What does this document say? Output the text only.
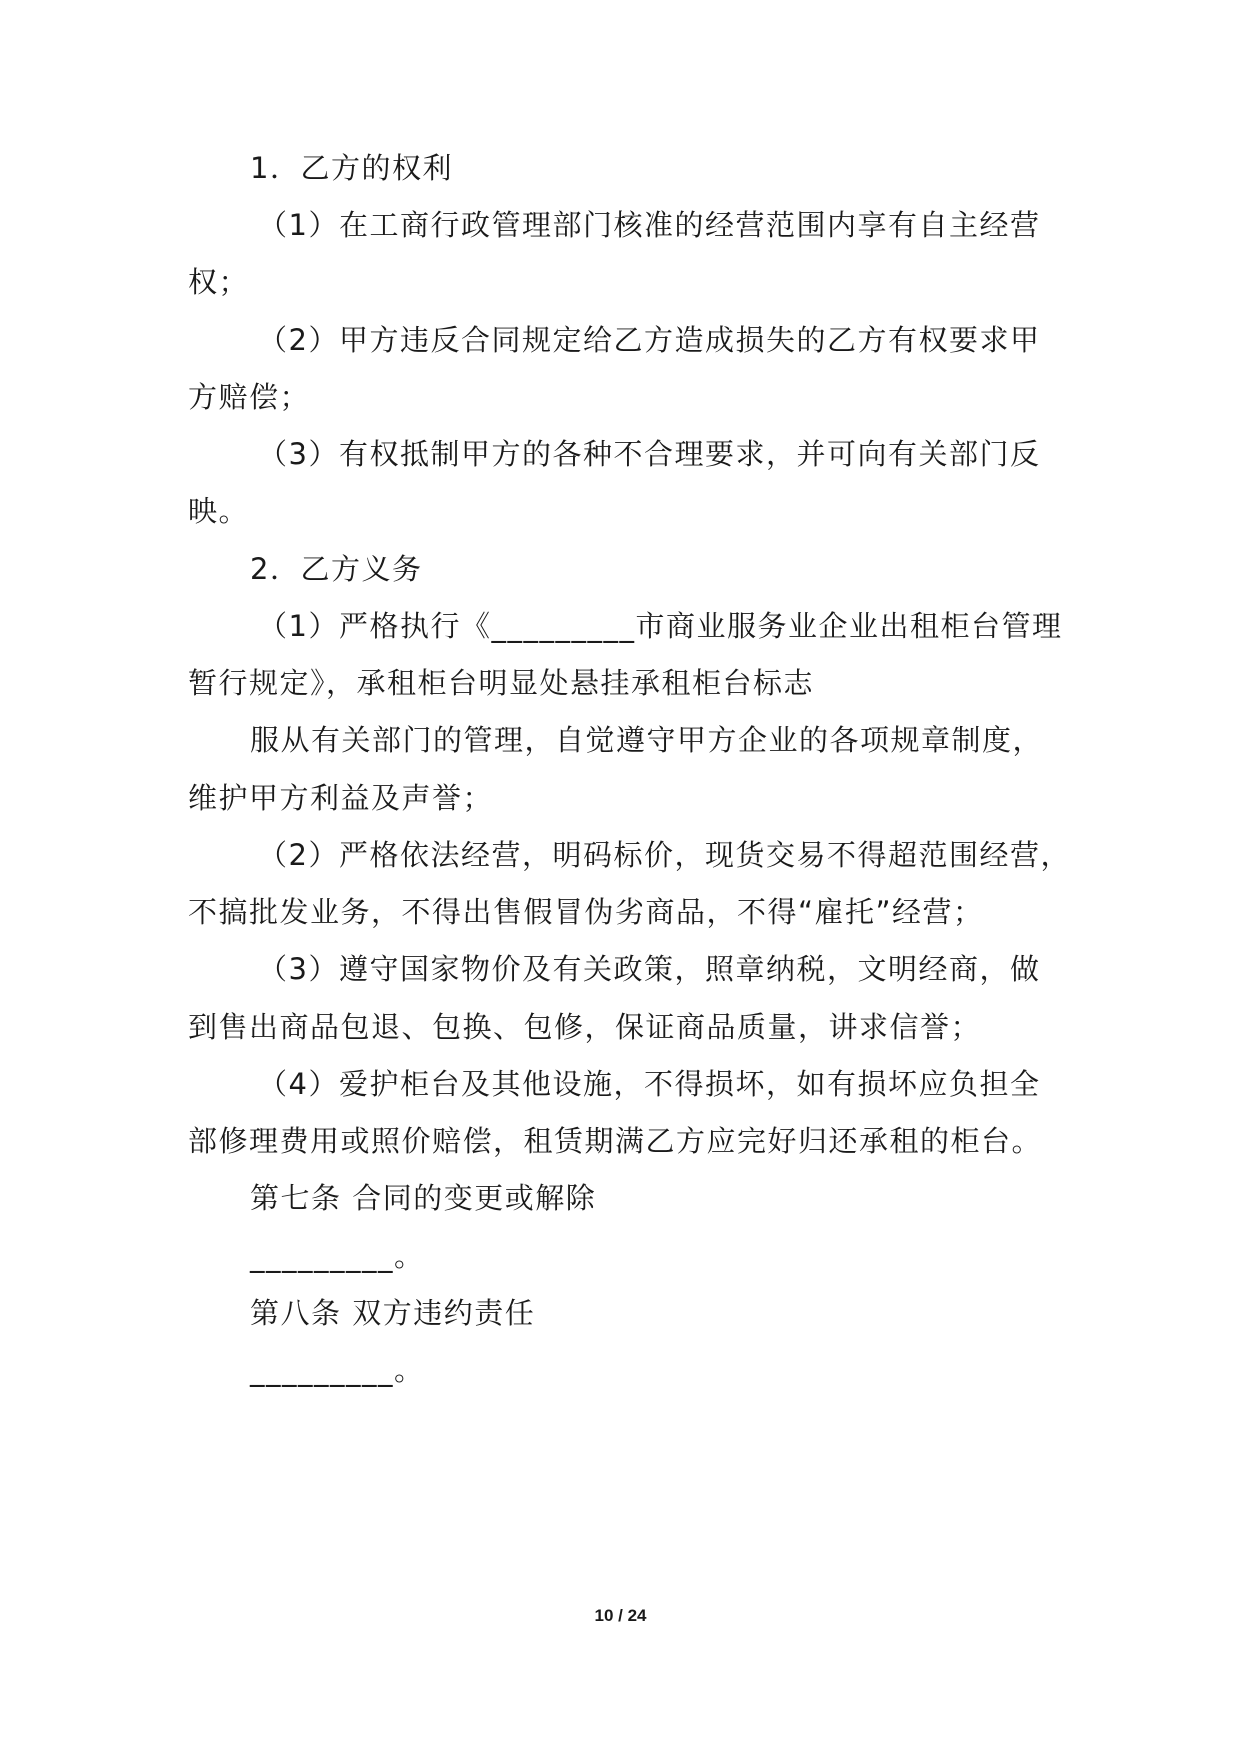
1．乙方的权利
（1）在工商行政管理部门核准的经营范围内享有自主经营
权；
（2）甲方违反合同规定给乙方造成损失的乙方有权要求甲
方赔偿；
（3）有权抵制甲方的各种不合理要求，并可向有关部门反
映。
2．乙方义务
（1）严格执行《_________市商业服务业企业出租柜台管理
暂行规定》，承租柜台明显处悬挂承租柜台标志
服从有关部门的管理，自觉遵守甲方企业的各项规章制度，
维护甲方利益及声誉；
（2）严格依法经营，明码标价，现货交易不得超范围经营，
不搞批发业务，不得出售假冒伪劣商品，不得“雇托”经营；
（3）遵守国家物价及有关政策，照章纳税，文明经商，做
到售出商品包退、包换、包修，保证商品质量，讲求信誉；
（4）爱护柜台及其他设施，不得损坏，如有损坏应负担全
部修理费用或照价赔偿，租赁期满乙方应完好归还承租的柜台。
第七条 合同的变更或解除
_________。
第八条 双方违约责任
_________。
10 / 24
